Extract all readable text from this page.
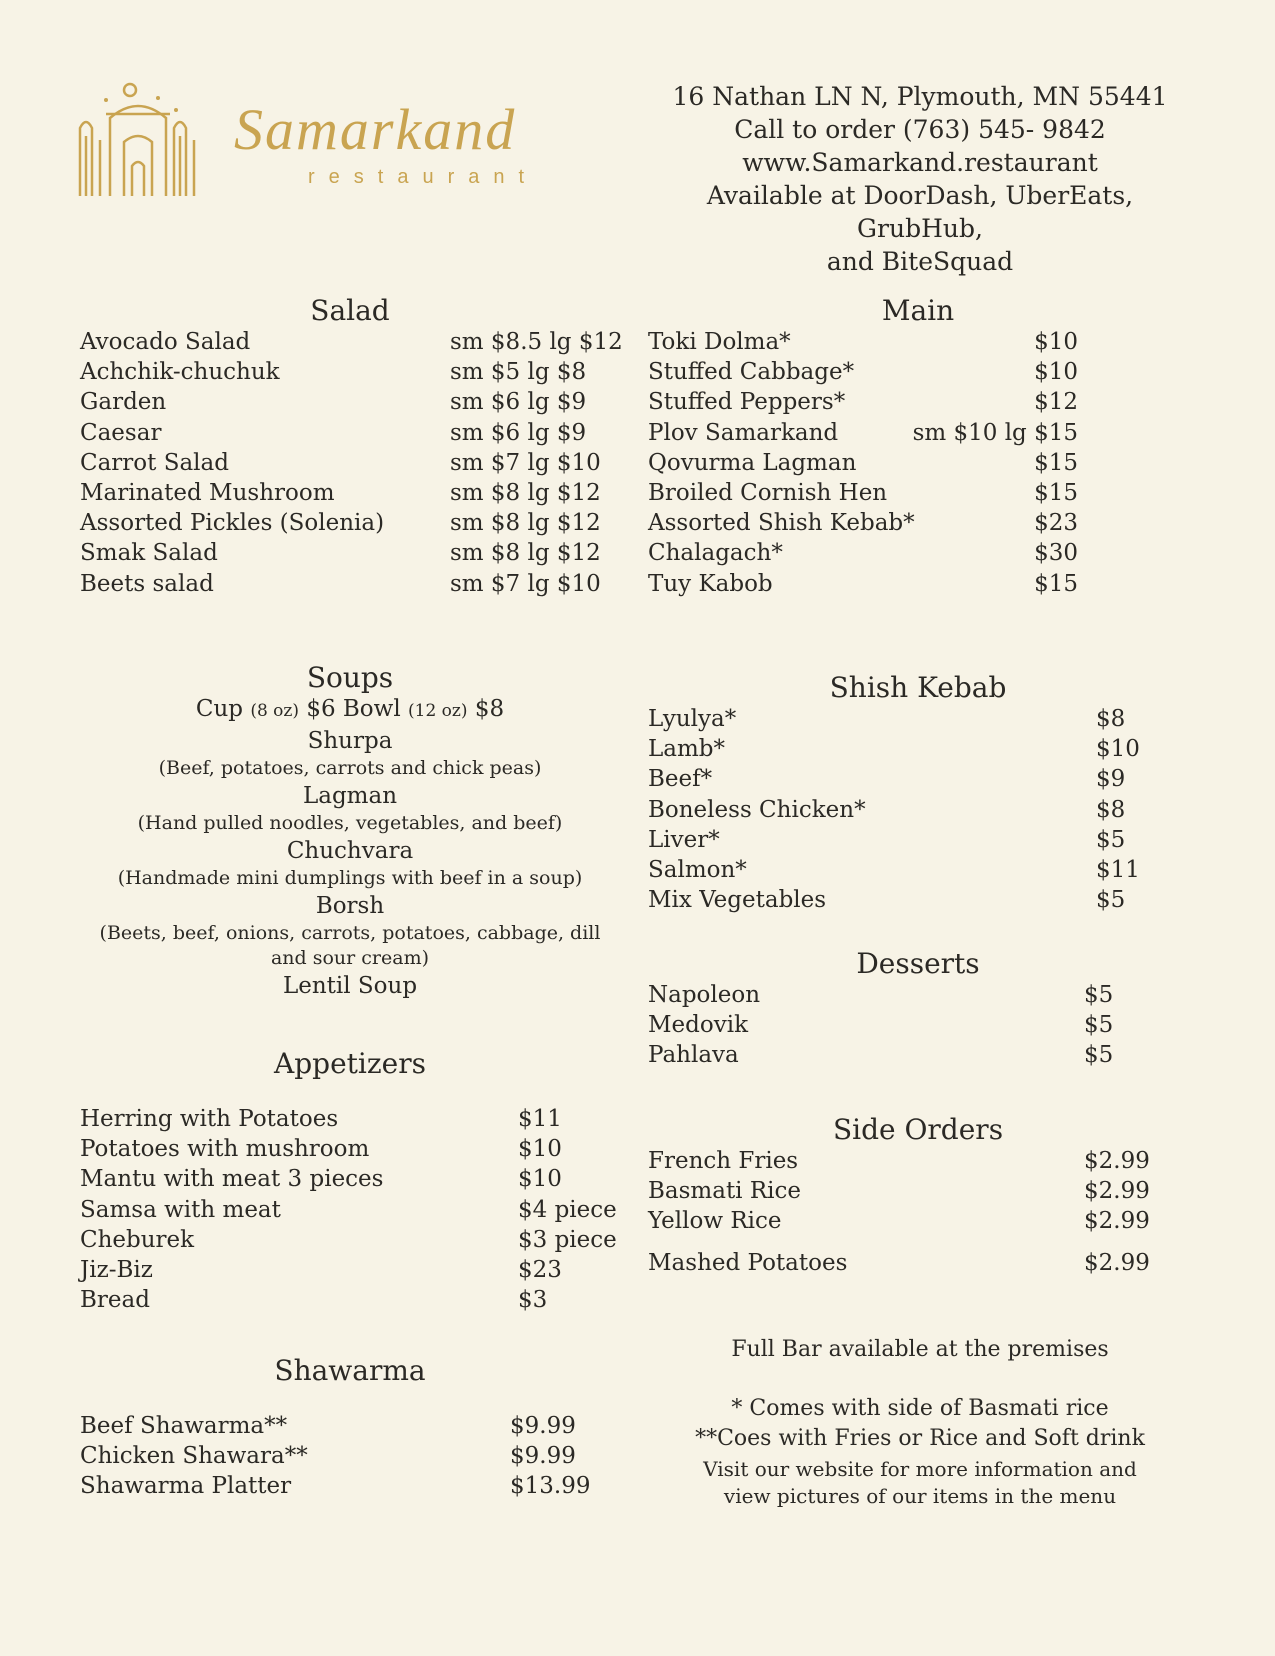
Samarkand
restaurant
16 Nathan LN N, Plymouth, MN 55441
Call to order (763) 545- 9842
www.Samarkand.restaurant
Available at DoorDash, UberEats, GrubHub,
and BiteSquad
Salad
Avocado Salad	sm $8.5 lg $12
Achchik-chuchuk	sm $5 lg $8
Garden	sm $6 lg $9
Caesar	sm $6 lg $9
Carrot Salad	sm $7 lg $10
Marinated Mushroom	sm $8 lg $12
Assorted Pickles (Solenia)	sm $8 lg $12
Smak Salad	sm $8 lg $12
Beets salad	sm $7 lg $10
Main
Toki Dolma*	$10
Stuffed Cabbage*	$10
Stuffed Peppers*	$12
Plov Samarkand	sm $10 lg $15
Qovurma Lagman	$15
Broiled Cornish Hen	$15
Assorted Shish Kebab*	$23
Chalagach*	$30
Tuy Kabob	$15
Soups
Cup (8 oz) $6 Bowl (12 oz) $8
Shurpa
(Beef, potatoes, carrots and chick peas)
Lagman
(Hand pulled noodles, vegetables, and beef)
Chuchvara
(Handmade mini dumplings with beef in a soup)
Borsh
(Beets, beef, onions, carrots, potatoes, cabbage, dill and sour cream)
Lentil Soup
Shish Kebab
Lyulya*	$8
Lamb*	$10
Beef*	$9
Boneless Chicken*	$8
Liver*	$5
Salmon*	$11
Mix Vegetables	$5
Desserts
Napoleon	$5
Medovik	$5
Pahlava	$5
Appetizers
Herring with Potatoes	$11
Potatoes with mushroom	$10
Mantu with meat 3 pieces	$10
Samsa with meat	$4 piece
Cheburek	$3 piece
Jiz-Biz	$23
Bread	$3
Side Orders
French Fries	$2.99
Basmati Rice	$2.99
Yellow Rice	$2.99
Mashed Potatoes	$2.99
Shawarma
Beef Shawarma**	$9.99
Chicken Shawara**	$9.99
Shawarma Platter	$13.99
Full Bar available at the premises
* Comes with side of Basmati rice
**Coes with Fries or Rice and Soft drink
Visit our website for more information and view pictures of our items in the menu
